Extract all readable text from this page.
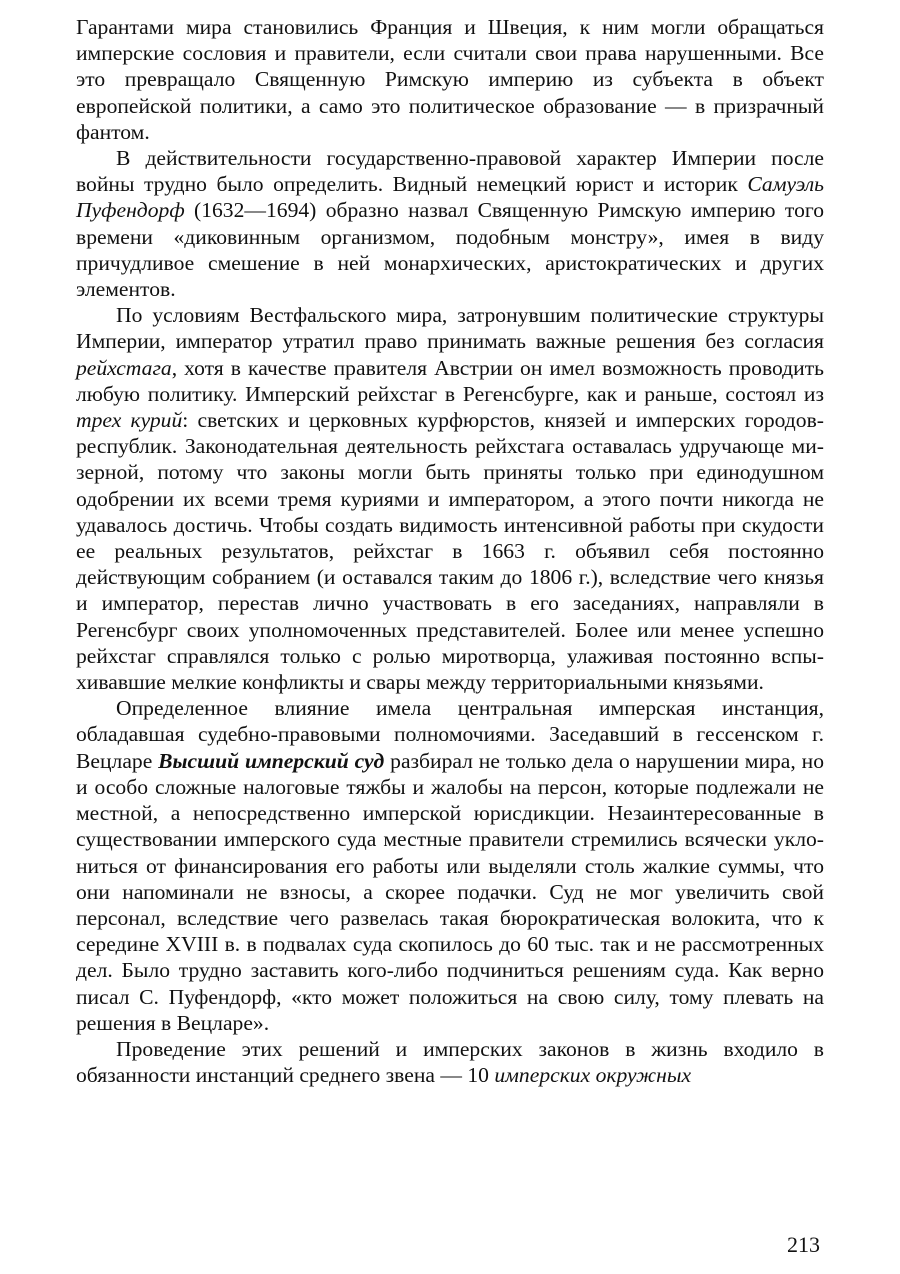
Гарантами мира становились Франция и Швеция, к ним могли обращаться имперские сословия и правители, если считали свои права нарушенными. Все это превращало Священную Римскую империю из субъекта в объект европейской политики, а само это политическое образование — в призрачный фантом.

В действительности государственно-правовой характер Империи после войны трудно было определить. Видный немецкий юрист и историк Самуэль Пуфендорф (1632—1694) образно назвал Священную Римскую империю того времени «диковинным организмом, подобным монстру», имея в виду причудливое смешение в ней монархических, аристократических и других элементов.

По условиям Вестфальского мира, затронувшим политические структуры Империи, император утратил право принимать важные решения без согласия рейхстага, хотя в качестве правителя Австрии он имел возможность проводить любую политику. Имперский рейхстаг в Регенсбурге, как и раньше, состоял из трех курий: светских и церковных курфюрстов, князей и имперских городов-республик. Законодательная деятельность рейхстага оставалась удручающе мизерной, потому что законы могли быть приняты только при единодушном одобрении их всеми тремя куриями и императором, а этого почти никогда не удавалось достичь. Чтобы создать видимость интенсивной работы при скудости ее реальных результатов, рейхстаг в 1663 г. объявил себя постоянно действующим собранием (и оставался таким до 1806 г.), вследствие чего князья и император, перестав лично участвовать в его заседаниях, направляли в Регенсбург своих уполномоченных представителей. Более или менее успешно рейхстаг справлялся только с ролью миротворца, улаживая постоянно вспыхивавшие мелкие конфликты и свары между территориальными князьями.

Определенное влияние имела центральная имперская инстанция, обладавшая судебно-правовыми полномочиями. Заседавший в гессенском г. Вецларе Высший имперский суд разбирал не только дела о нарушении мира, но и особо сложные налоговые тяжбы и жалобы на персон, которые подлежали не местной, а непосредственно имперской юрисдикции. Незаинтересованные в существовании имперского суда местные правители стремились всячески уклониться от финансирования его работы или выделяли столь жалкие суммы, что они напоминали не взносы, а скорее подачки. Суд не мог увеличить свой персонал, вследствие чего развелась такая бюрократическая волокита, что к середине XVIII в. в подвалах суда скопилось до 60 тыс. так и не рассмотренных дел. Было трудно заставить кого-либо подчиниться решениям суда. Как верно писал С. Пуфендорф, «кто может положиться на свою силу, тому плевать на решения в Вецларе».

Проведение этих решений и имперских законов в жизнь входило в обязанности инстанций среднего звена — 10 имперских окружных

213
